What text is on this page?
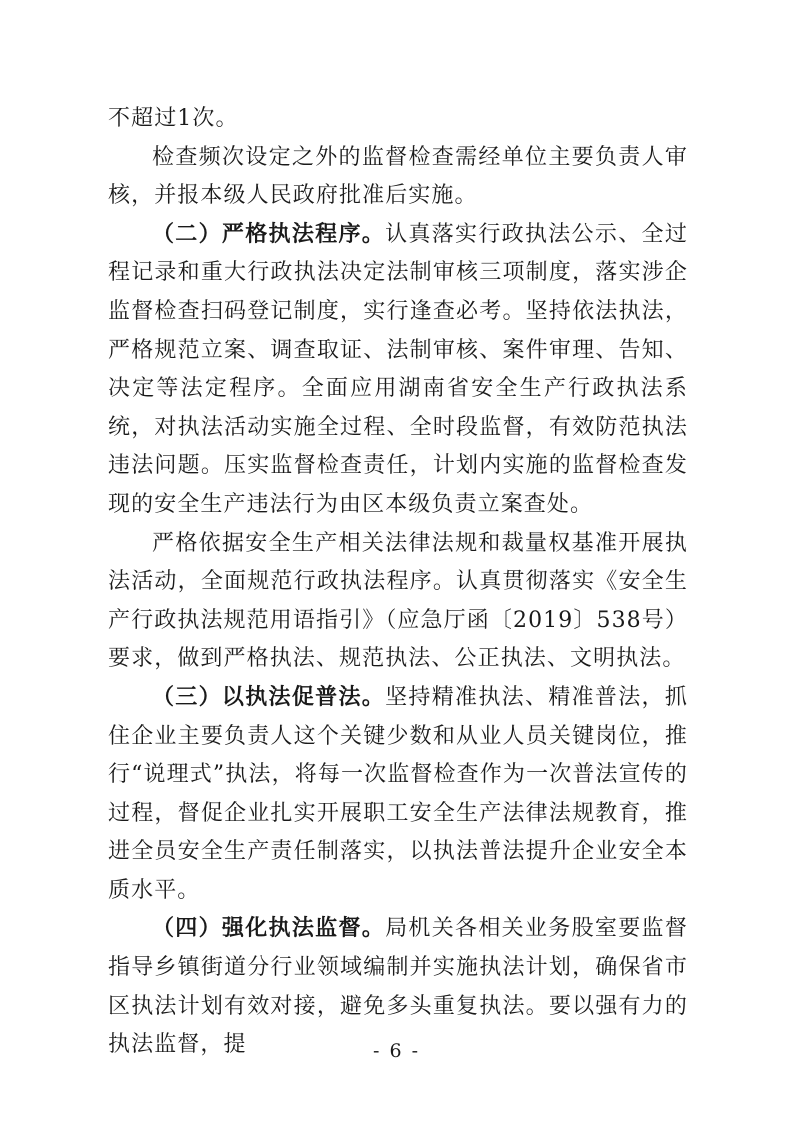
不超过1次。

检查频次设定之外的监督检查需经单位主要负责人审核，并报本级人民政府批准后实施。

（二）严格执法程序。认真落实行政执法公示、全过程记录和重大行政执法决定法制审核三项制度，落实涉企监督检查扫码登记制度，实行逢查必考。坚持依法执法，严格规范立案、调查取证、法制审核、案件审理、告知、决定等法定程序。全面应用湖南省安全生产行政执法系统，对执法活动实施全过程、全时段监督，有效防范执法违法问题。压实监督检查责任，计划内实施的监督检查发现的安全生产违法行为由区本级负责立案查处。

严格依据安全生产相关法律法规和裁量权基准开展执法活动，全面规范行政执法程序。认真贯彻落实《安全生产行政执法规范用语指引》（应急厅函〔2019〕538号）要求，做到严格执法、规范执法、公正执法、文明执法。

（三）以执法促普法。坚持精准执法、精准普法，抓住企业主要负责人这个关键少数和从业人员关键岗位，推行“说理式”执法，将每一次监督检查作为一次普法宣传的过程，督促企业扎实开展职工安全生产法律法规教育，推进全员安全生产责任制落实，以执法普法提升企业安全本质水平。

（四）强化执法监督。局机关各相关业务股室要监督指导乡镇街道分行业领域编制并实施执法计划，确保省市区执法计划有效对接，避免多头重复执法。要以强有力的执法监督，提	- 6 -
